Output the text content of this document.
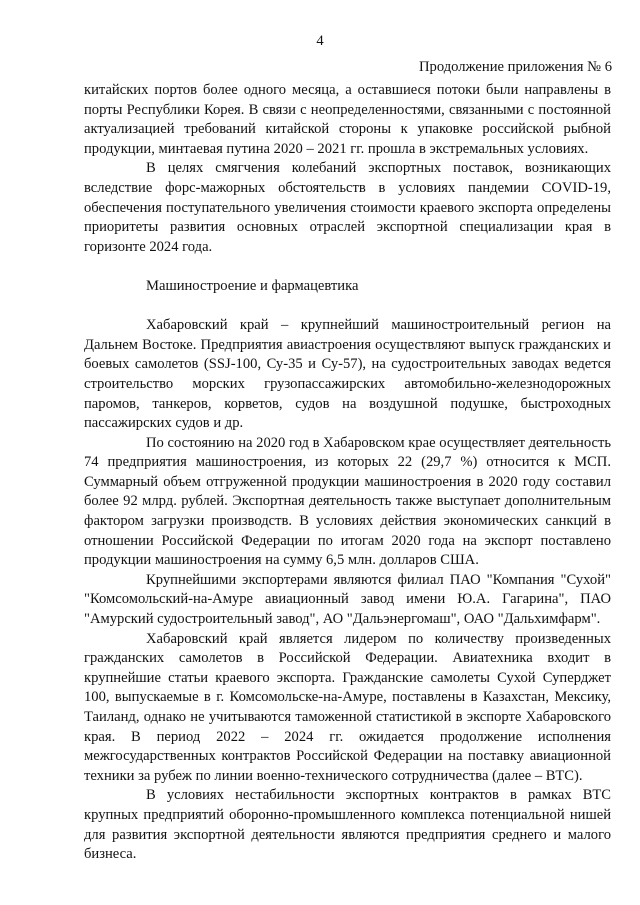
4
Продолжение приложения № 6

китайских портов более одного месяца, а оставшиеся потоки были направлены в порты Республики Корея. В связи с неопределенностями, связанными с постоянной актуализацией требований китайской стороны к упаковке российской рыбной продукции, минтаевая путина 2020 – 2021 гг. прошла в экстремальных условиях.

В целях смягчения колебаний экспортных поставок, возникающих вследствие форс-мажорных обстоятельств в условиях пандемии COVID-19, обеспечения поступательного увеличения стоимости краевого экспорта определены приоритеты развития основных отраслей экспортной специализации края в горизонте 2024 года.

Машиностроение и фармацевтика

Хабаровский край – крупнейший машиностроительный регион на Дальнем Востоке. Предприятия авиастроения осуществляют выпуск гражданских и боевых самолетов (SSJ-100, Су-35 и Су-57), на судостроительных заводах ведется строительство морских грузопассажирских автомобильно-железнодорожных паромов, танкеров, корветов, судов на воздушной подушке, быстроходных пассажирских судов и др.

По состоянию на 2020 год в Хабаровском крае осуществляет деятельность 74 предприятия машиностроения, из которых 22 (29,7 %) относится к МСП. Суммарный объем отгруженной продукции машиностроения в 2020 году составил более 92 млрд. рублей. Экспортная деятельность также выступает дополнительным фактором загрузки производств. В условиях действия экономических санкций в отношении Российской Федерации по итогам 2020 года на экспорт поставлено продукции машиностроения на сумму 6,5 млн. долларов США.

Крупнейшими экспортерами являются филиал ПАО "Компания "Сухой" "Комсомольский-на-Амуре авиационный завод имени Ю.А. Гагарина", ПАО "Амурский судостроительный завод", АО "Дальэнергомаш", ОАО "Дальхимфарм".

Хабаровский край является лидером по количеству произведенных гражданских самолетов в Российской Федерации. Авиатехника входит в крупнейшие статьи краевого экспорта. Гражданские самолеты Сухой Суперджет 100, выпускаемые в г. Комсомольске-на-Амуре, поставлены в Казахстан, Мексику, Таиланд, однако не учитываются таможенной статистикой в экспорте Хабаровского края. В период 2022 – 2024 гг. ожидается продолжение исполнения межгосударственных контрактов Российской Федерации на поставку авиационной техники за рубеж по линии военно-технического сотрудничества (далее – ВТС).

В условиях нестабильности экспортных контрактов в рамках ВТС крупных предприятий оборонно-промышленного комплекса потенциальной нишей для развития экспортной деятельности являются предприятия среднего и малого бизнеса.
